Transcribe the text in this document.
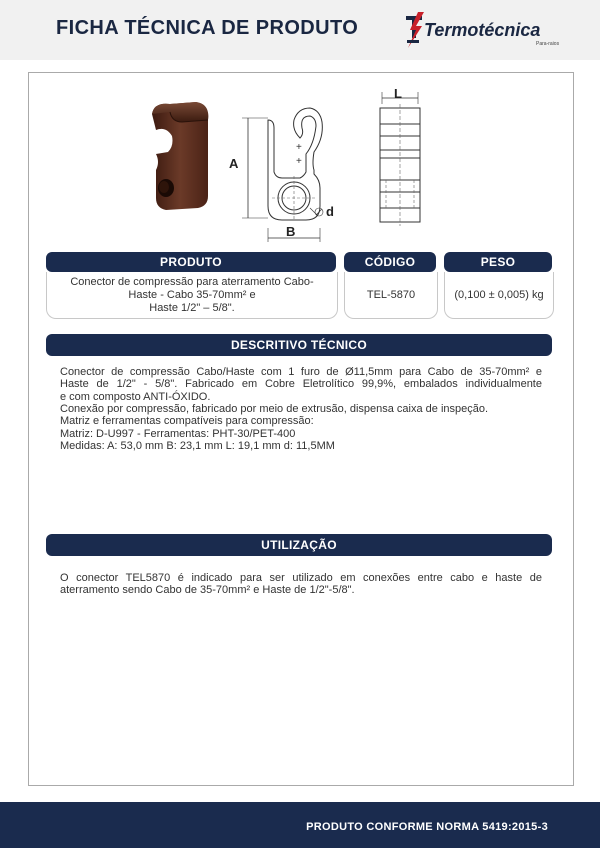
FICHA TÉCNICA DE PRODUTO	Termotécnica
Para-raios
+
+
A
B
d
L
PRODUTO
Conector de compressão para aterramento Cabo-
Haste - Cabo 35-70mm² e
Haste 1/2" – 5/8".
CÓDIGO
TEL-5870
PESO
(0,100 ± 0,005) kg
DESCRITIVO TÉCNICO
Conector de compressão Cabo/Haste com 1 furo de Ø11,5mm para Cabo de 35-70mm² e
Haste de 1/2" - 5/8". Fabricado em Cobre Eletrolítico 99,9%, embalados individualmente
e com composto ANTI-ÓXIDO.
Conexão por compressão, fabricado por meio de extrusão, dispensa caixa de inspeção.
Matriz e ferramentas compatíveis para compressão:
Matriz: D-U997 - Ferramentas: PHT-30/PET-400
Medidas: A: 53,0 mm B: 23,1 mm L: 19,1 mm d: 11,5MM
UTILIZAÇÃO
O conector TEL5870 é indicado para ser utilizado em conexões entre cabo e haste de
aterramento sendo Cabo de 35-70mm² e Haste de 1/2"-5/8".
PRODUTO CONFORME NORMA 5419:2015-3
